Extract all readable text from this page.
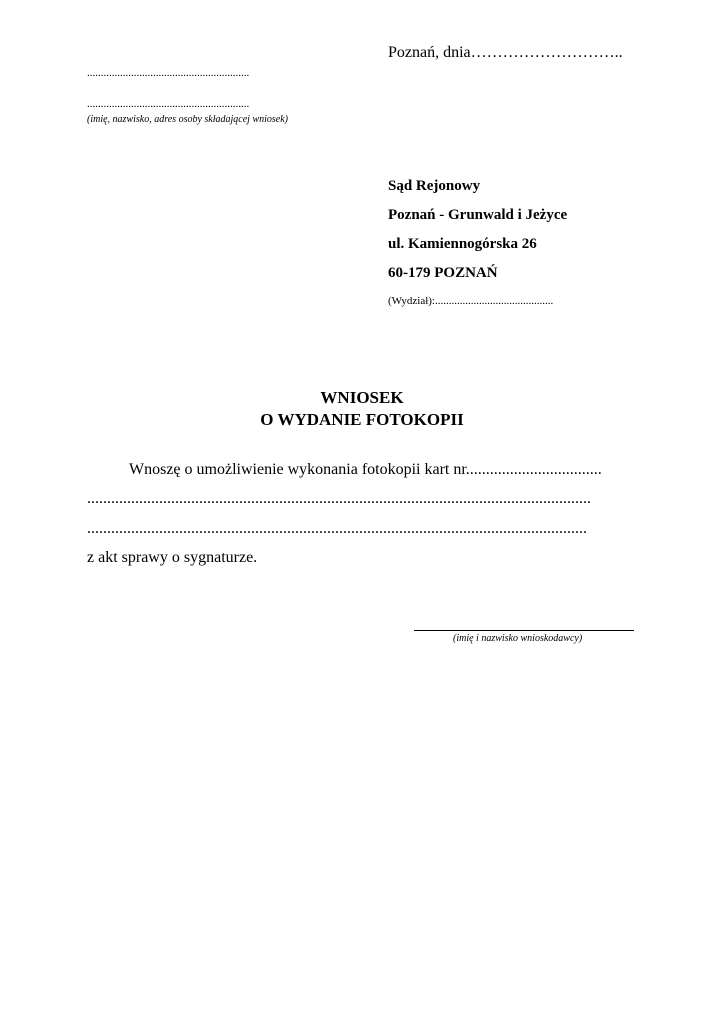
Poznań, dnia………………………..
...........................................................
...........................................................
(imię, nazwisko, adres osoby składającej wniosek)
Sąd Rejonowy
Poznań - Grunwald i Jeżyce
ul. Kamiennogórska 26
60-179 POZNAŃ
(Wydział):...........................................
WNIOSEK
O WYDANIE FOTOKOPII
Wnoszę o umożliwienie wykonania fotokopii kart nr..................................
..............................................................................................................................
.............................................................................................................................
z akt sprawy o sygnaturze.
(imię i nazwisko wnioskodawcy)
